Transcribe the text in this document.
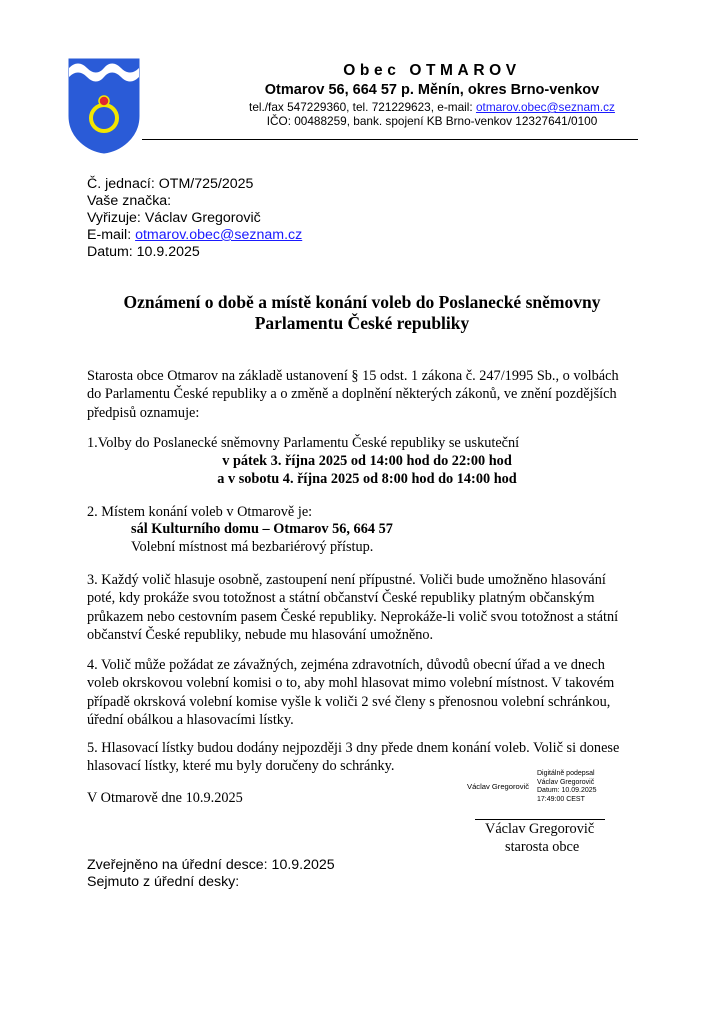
Obec OTMAROV
Otmarov 56, 664 57 p. Měnín, okres Brno-venkov
tel./fax 547229360, tel. 721229623, e-mail: otmarov.obec@seznam.cz
IČO: 00488259, bank. spojení KB Brno-venkov 12327641/0100
Č. jednací: OTM/725/2025
Vaše značka:
Vyřizuje: Václav Gregorovič
E-mail: otmarov.obec@seznam.cz
Datum: 10.9.2025
Oznámení o době a místě konání voleb do Poslanecké sněmovny
Parlamentu České republiky
Starosta obce Otmarov na základě ustanovení § 15 odst. 1 zákona č. 247/1995 Sb., o volbách
do Parlamentu České republiky a o změně a doplnění některých zákonů, ve znění pozdějších
předpisů oznamuje:
1.Volby do Poslanecké sněmovny Parlamentu České republiky se uskuteční
v pátek 3. října 2025 od 14:00 hod do 22:00 hod
a v sobotu 4. října 2025 od 8:00 hod do 14:00 hod
2. Místem konání voleb v Otmarově je:
sál Kulturního domu – Otmarov 56, 664 57
Volební místnost má bezbariérový přístup.
3. Každý volič hlasuje osobně, zastoupení není přípustné. Voliči bude umožněno hlasování
poté, kdy prokáže svou totožnost a státní občanství České republiky platným občanským
průkazem nebo cestovním pasem České republiky. Neprokáže-li volič svou totožnost a státní
občanství České republiky, nebude mu hlasování umožněno.
4. Volič může požádat ze závažných, zejména zdravotních, důvodů obecní úřad a ve dnech
voleb okrskovou volební komisi o to, aby mohl hlasovat mimo volební místnost. V takovém
případě okrsková volební komise vyšle k voliči 2 své členy s přenosnou volební schránkou,
úřední obálkou a hlasovacími lístky.
5. Hlasovací lístky budou dodány nejpozději 3 dny přede dnem konání voleb. Volič si donese
hlasovací lístky, které mu byly doručeny do schránky.
V Otmarově dne 10.9.2025
Václav Gregorovič
Digitálně podepsal
Václav Gregorovič
Datum: 10.09.2025
17:49:00 CEST
Václav Gregorovič
starosta obce
Zveřejněno na úřední desce: 10.9.2025
Sejmuto z úřední desky:
